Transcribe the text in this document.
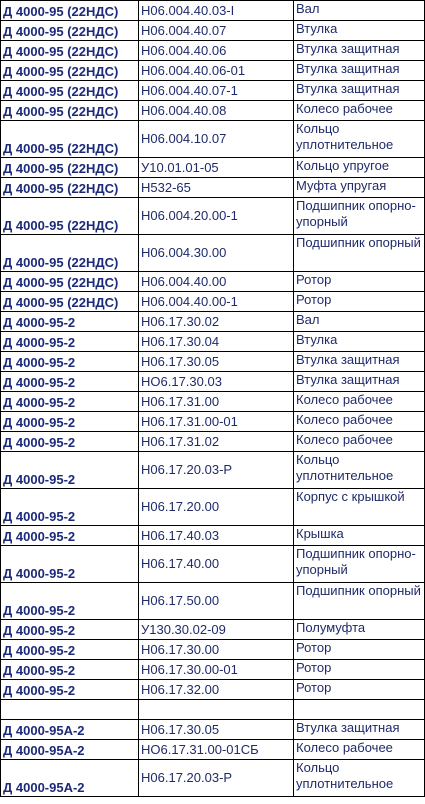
Д 4000-95 (22НДС)	Н06.004.40.03-I	Вал
Д 4000-95 (22НДС)	Н06.004.40.07	Втулка
Д 4000-95 (22НДС)	Н06.004.40.06	Втулка защитная
Д 4000-95 (22НДС)	Н06.004.40.06-01	Втулка защитная
Д 4000-95 (22НДС)	Н06.004.40.07-1	Втулка защитная
Д 4000-95 (22НДС)	Н06.004.40.08	Колесо рабочее
Д 4000-95 (22НДС)	Н06.004.10.07	Кольцо уплотнительное
Д 4000-95 (22НДС)	У10.01.01-05	Кольцо упругое
Д 4000-95 (22НДС)	Н532-65	Муфта упругая
Д 4000-95 (22НДС)	Н06.004.20.00-1	Подшипник опорно-упорный
Д 4000-95 (22НДС)	Н06.004.30.00	Подшипник опорный
Д 4000-95 (22НДС)	Н06.004.40.00	Ротор
Д 4000-95 (22НДС)	Н06.004.40.00-1	Ротор
Д 4000-95-2	Н06.17.30.02	Вал
Д 4000-95-2	Н06.17.30.04	Втулка
Д 4000-95-2	Н06.17.30.05	Втулка защитная
Д 4000-95-2	НО6.17.30.03	Втулка защитная
Д 4000-95-2	Н06.17.31.00	Колесо рабочее
Д 4000-95-2	Н06.17.31.00-01	Колесо рабочее
Д 4000-95-2	Н06.17.31.02	Колесо рабочее
Д 4000-95-2	Н06.17.20.03-Р	Кольцо уплотнительное
Д 4000-95-2	Н06.17.20.00	Корпус с крышкой
Д 4000-95-2	Н06.17.40.03	Крышка
Д 4000-95-2	Н06.17.40.00	Подшипник опорно-упорный
Д 4000-95-2	Н06.17.50.00	Подшипник опорный
Д 4000-95-2	У130.30.02-09	Полумуфта
Д 4000-95-2	Н06.17.30.00	Ротор
Д 4000-95-2	Н06.17.30.00-01	Ротор
Д 4000-95-2	Н06.17.32.00	Ротор

Д 4000-95А-2	Н06.17.30.05	Втулка защитная
Д 4000-95А-2	НО6.17.31.00-01СБ	Колесо рабочее
Д 4000-95А-2	Н06.17.20.03-Р	Кольцо уплотнительное
